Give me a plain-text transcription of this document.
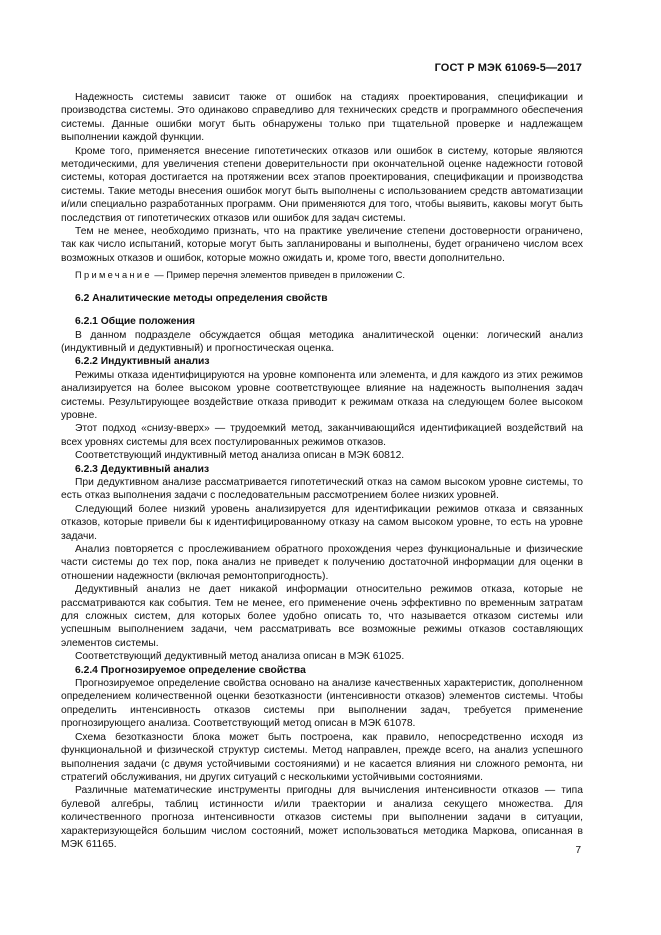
ГОСТ Р МЭК 61069-5—2017

Надежность системы зависит также от ошибок на стадиях проектирования, спецификации и производства системы. Это одинаково справедливо для технических средств и программного обеспечения системы. Данные ошибки могут быть обнаружены только при тщательной проверке и надлежащем выполнении каждой функции.

Кроме того, применяется внесение гипотетических отказов или ошибок в систему, которые являются методическими, для увеличения степени доверительности при окончательной оценке надежности готовой системы, которая достигается на протяжении всех этапов проектирования, спецификации и производства системы. Такие методы внесения ошибок могут быть выполнены с использованием средств автоматизации и/или специально разработанных программ. Они применяются для того, чтобы выявить, каковы могут быть последствия от гипотетических отказов или ошибок для задач системы.

Тем не менее, необходимо признать, что на практике увеличение степени достоверности ограничено, так как число испытаний, которые могут быть запланированы и выполнены, будет ограничено числом всех возможных отказов и ошибок, которые можно ожидать и, кроме того, ввести дополнительно.

Примечание — Пример перечня элементов приведен в приложении С.

6.2 Аналитические методы определения свойств
6.2.1 Общие положения

В данном подразделе обсуждается общая методика аналитической оценки: логический анализ (индуктивный и дедуктивный) и прогностическая оценка.

6.2.2 Индуктивный анализ

Режимы отказа идентифицируются на уровне компонента или элемента, и для каждого из этих режимов анализируется на более высоком уровне соответствующее влияние на надежность выполнения задач системы. Результирующее воздействие отказа приводит к режимам отказа на следующем более высоком уровне.

Этот подход «снизу-вверх» — трудоемкий метод, заканчивающийся идентификацией воздействий на всех уровнях системы для всех постулированных режимов отказов.

Соответствующий индуктивный метод анализа описан в МЭК 60812.

6.2.3 Дедуктивный анализ

При дедуктивном анализе рассматривается гипотетический отказ на самом высоком уровне системы, то есть отказ выполнения задачи с последовательным рассмотрением более низких уровней.

Следующий более низкий уровень анализируется для идентификации режимов отказа и связанных отказов, которые привели бы к идентифицированному отказу на самом высоком уровне, то есть на уровне задачи.

Анализ повторяется с прослеживанием обратного прохождения через функциональные и физические части системы до тех пор, пока анализ не приведет к получению достаточной информации для оценки в отношении надежности (включая ремонтопригодность).

Дедуктивный анализ не дает никакой информации относительно режимов отказа, которые не рассматриваются как события. Тем не менее, его применение очень эффективно по временным затратам для сложных систем, для которых более удобно описать то, что называется отказом системы или успешным выполнением задачи, чем рассматривать все возможные режимы отказов составляющих элементов системы.

Соответствующий дедуктивный метод анализа описан в МЭК 61025.

6.2.4 Прогнозируемое определение свойства

Прогнозируемое определение свойства основано на анализе качественных характеристик, дополненном определением количественной оценки безотказности (интенсивности отказов) элементов системы. Чтобы определить интенсивность отказов системы при выполнении задач, требуется применение прогнозирующего анализа. Соответствующий метод описан в МЭК 61078.

Схема безотказности блока может быть построена, как правило, непосредственно исходя из функциональной и физической структур системы. Метод направлен, прежде всего, на анализ успешного выполнения задачи (с двумя устойчивыми состояниями) и не касается влияния ни сложного ремонта, ни стратегий обслуживания, ни других ситуаций с несколькими устойчивыми состояниями.

Различные математические инструменты пригодны для вычисления интенсивности отказов — типа булевой алгебры, таблиц истинности и/или траектории и анализа секущего множества. Для количественного прогноза интенсивности отказов системы при выполнении задачи в ситуации, характеризующейся большим числом состояний, может использоваться методика Маркова, описанная в МЭК 61165.

7
